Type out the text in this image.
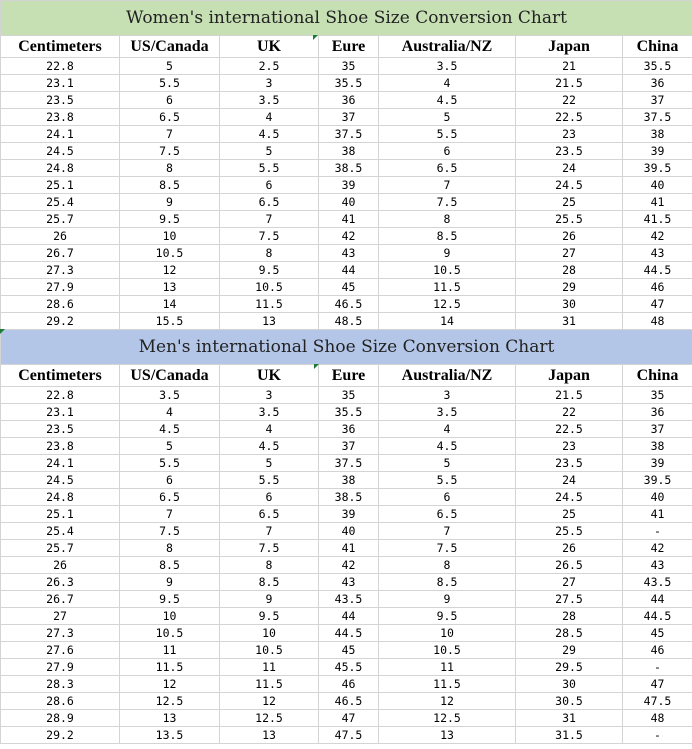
Women's international Shoe Size Conversion Chart						
Centimeters	US/Canada	UK	Eure	Australia/NZ	Japan	China
22.8	5	2.5	35	3.5	21	35.5
23.1	5.5	3	35.5	4	21.5	36
23.5	6	3.5	36	4.5	22	37
23.8	6.5	4	37	5	22.5	37.5
24.1	7	4.5	37.5	5.5	23	38
24.5	7.5	5	38	6	23.5	39
24.8	8	5.5	38.5	6.5	24	39.5
25.1	8.5	6	39	7	24.5	40
25.4	9	6.5	40	7.5	25	41
25.7	9.5	7	41	8	25.5	41.5
26	10	7.5	42	8.5	26	42
26.7	10.5	8	43	9	27	43
27.3	12	9.5	44	10.5	28	44.5
27.9	13	10.5	45	11.5	29	46
28.6	14	11.5	46.5	12.5	30	47
29.2	15.5	13	48.5	14	31	48
Men's international Shoe Size Conversion Chart						
Centimeters	US/Canada	UK	Eure	Australia/NZ	Japan	China
22.8	3.5	3	35	3	21.5	35
23.1	4	3.5	35.5	3.5	22	36
23.5	4.5	4	36	4	22.5	37
23.8	5	4.5	37	4.5	23	38
24.1	5.5	5	37.5	5	23.5	39
24.5	6	5.5	38	5.5	24	39.5
24.8	6.5	6	38.5	6	24.5	40
25.1	7	6.5	39	6.5	25	41
25.4	7.5	7	40	7	25.5	-
25.7	8	7.5	41	7.5	26	42
26	8.5	8	42	8	26.5	43
26.3	9	8.5	43	8.5	27	43.5
26.7	9.5	9	43.5	9	27.5	44
27	10	9.5	44	9.5	28	44.5
27.3	10.5	10	44.5	10	28.5	45
27.6	11	10.5	45	10.5	29	46
27.9	11.5	11	45.5	11	29.5	-
28.3	12	11.5	46	11.5	30	47
28.6	12.5	12	46.5	12	30.5	47.5
28.9	13	12.5	47	12.5	31	48
29.2	13.5	13	47.5	13	31.5	-
